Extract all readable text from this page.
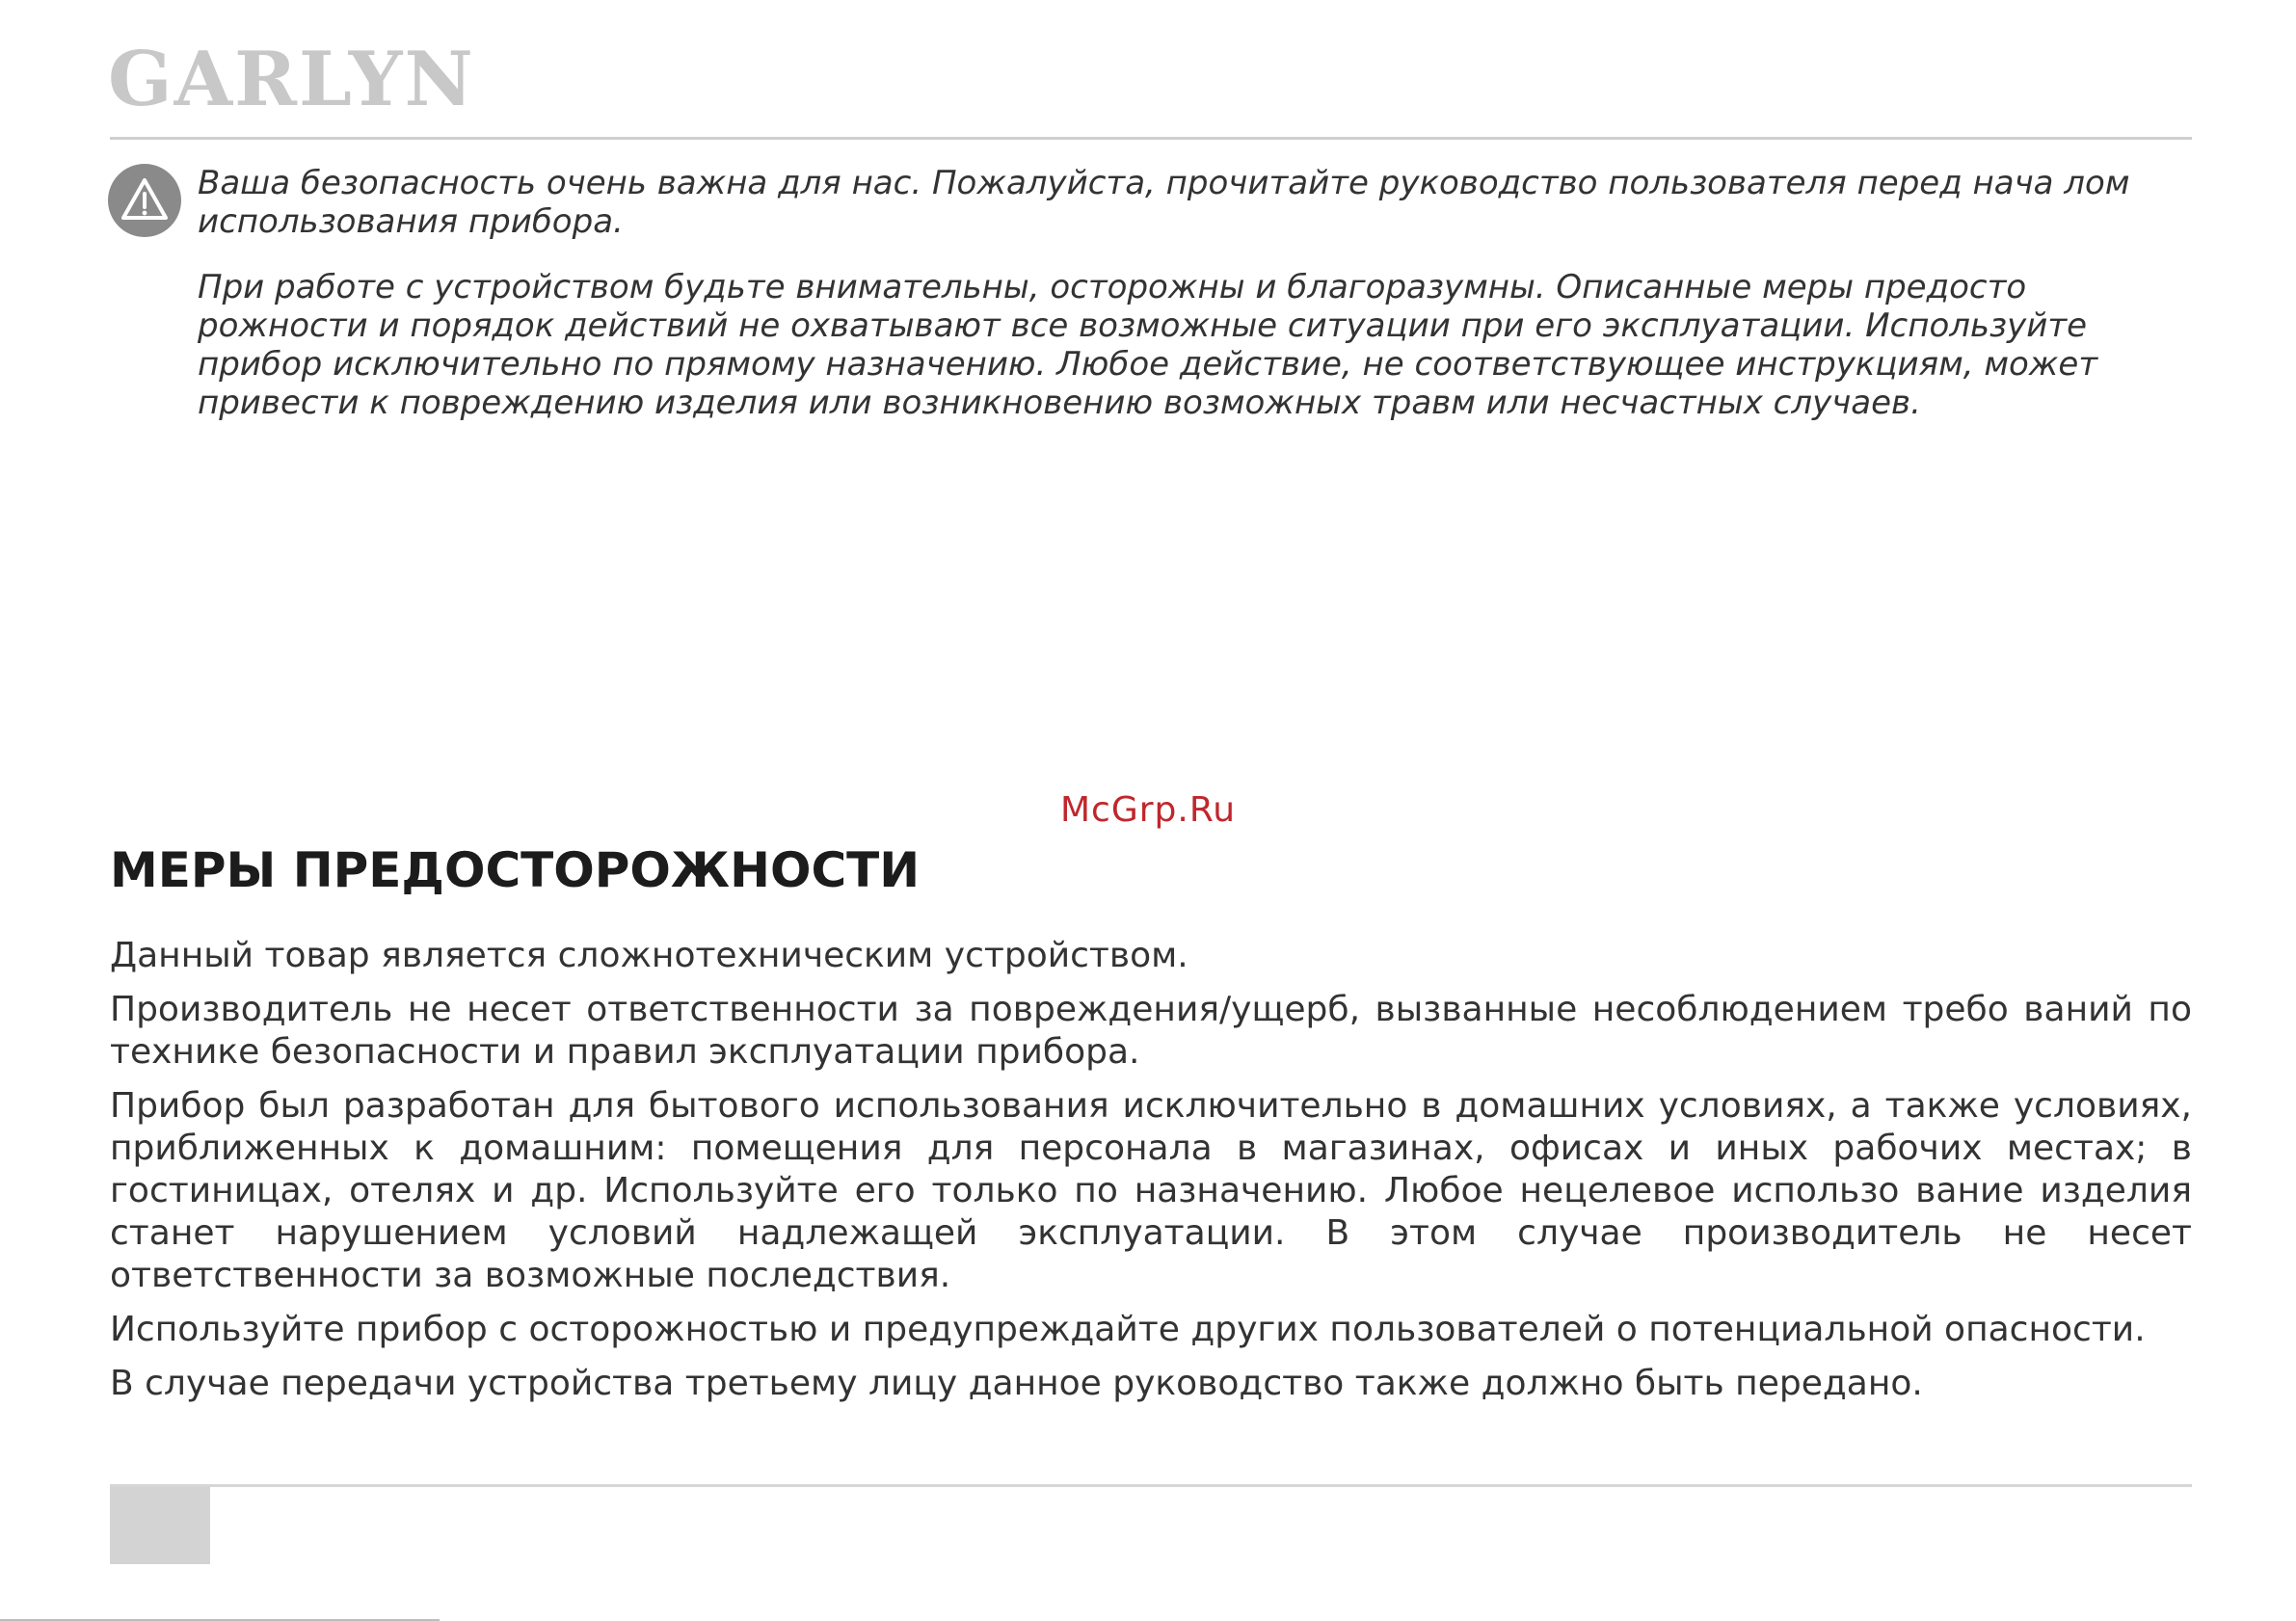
GARLYN

Ваша безопасность очень важна для нас. Пожалуйста, прочитайте руководство пользователя перед нача лом использования прибора.

При работе с устройством будьте внимательны, осторожны и благоразумны. Описанные меры предосто рожности и порядок действий не охватывают все возможные ситуации при его эксплуатации. Используйте прибор исключительно по прямому назначению. Любое действие, не соответствующее инструкциям, может привести к повреждению изделия или возникновению возможных травм или несчастных случаев.

McGrp.Ru
МЕРЫ ПРЕДОСТОРОЖНОСТИ

Данный товар является сложнотехническим устройством.

Производитель не несет ответственности за повреждения/ущерб, вызванные несоблюдением требо ваний по технике безопасности и правил эксплуатации прибора.

Прибор был разработан для бытового использования исключительно в домашних условиях, а также условиях, приближенных к домашним: помещения для персонала в магазинах, офисах и иных рабочих местах; в гостиницах, отелях и др. Используйте его только по назначению. Любое нецелевое использо вание изделия станет нарушением условий надлежащей эксплуатации. В этом случае производитель не несет ответственности за возможные последствия.

Используйте прибор с осторожностью и предупреждайте других пользователей о потенциальной опасности.

В случае передачи устройства третьему лицу данное руководство также должно быть передано.
